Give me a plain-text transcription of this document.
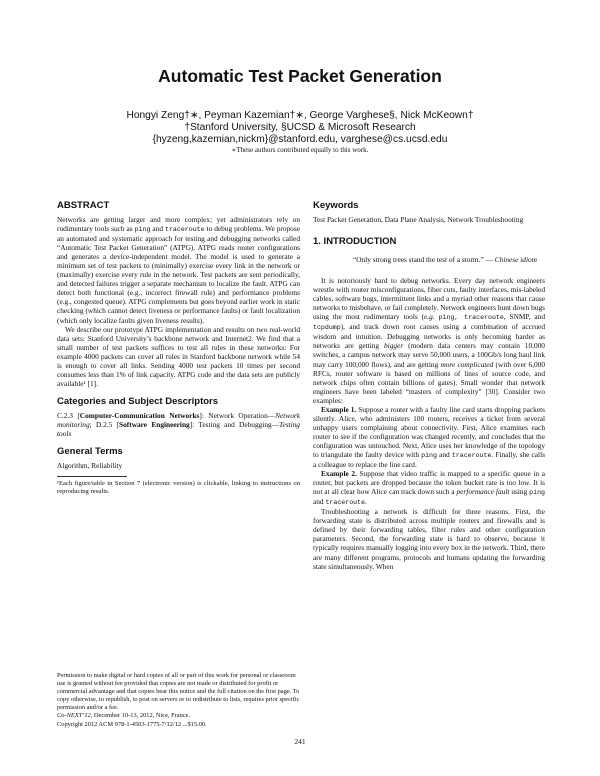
Automatic Test Packet Generation
Hongyi Zeng†∗, Peyman Kazemian†∗, George Varghese§, Nick McKeown†
†Stanford University, §UCSD & Microsoft Research
{hyzeng,kazemian,nickm}@stanford.edu, varghese@cs.ucsd.edu
∗These authors contributed equally to this work.
ABSTRACT

Networks are getting larger and more complex; yet administrators rely on rudimentary tools such as ping and traceroute to debug problems. We propose an automated and systematic approach for testing and debugging networks called “Automatic Test Packet Generation” (ATPG). ATPG reads router configurations and generates a device-independent model. The model is used to generate a minimum set of test packets to (minimally) exercise every link in the network or (maximally) exercise every rule in the network. Test packets are sent periodically, and detected failures trigger a separate mechanism to localize the fault. ATPG can detect both functional (e.g., incorrect firewall rule) and performance problems (e.g., congested queue). ATPG complements but goes beyond earlier work in static checking (which cannot detect liveness or performance faults) or fault localization (which only localize faults given liveness results).

We describe our prototype ATPG implementation and results on two real-world data sets: Stanford University’s backbone network and Internet2. We find that a small number of test packets suffices to test all rules in these networks: For example 4000 packets can cover all rules in Stanford backbone network while 54 is enough to cover all links. Sending 4000 test packets 10 times per second consumes less than 1% of link capacity. ATPG code and the data sets are publicly available¹ [1].

Categories and Subject Descriptors

C.2.3 [Computer-Communication Networks]: Network Operation—Network monitoring; D.2.5 [Software Engineering]: Testing and Debugging—Testing tools

General Terms

Algorithm, Reliability

¹Each figure/table in Section 7 (electronic version) is clickable, linking to instructions on reproducing results.

Permission to make digital or hard copies of all or part of this work for personal or classroom use is granted without fee provided that copies are not made or distributed for profit or commercial advantage and that copies bear this notice and the full citation on the first page. To copy otherwise, to republish, to post on servers or to redistribute to lists, requires prior specific permission and/or a fee.

Co-NEXT’12, December 10-13, 2012, Nice, France.

Copyright 2012 ACM 978-1-4503-1775-7/12/12 ...$15.00.

Keywords

Test Packet Generation, Data Plane Analysis, Network Troubleshooting

1. INTRODUCTION

“Only strong trees stand the test of a storm.” — Chinese idiom

It is notoriously hard to debug networks. Every day network engineers wrestle with router misconfigurations, fiber cuts, faulty interfaces, mis-labeled cables, software bugs, intermittent links and a myriad other reasons that cause networks to misbehave, or fail completely. Network engineers hunt down bugs using the most rudimentary tools (e.g. ping, traceroute, SNMP, and tcpdump), and track down root causes using a combination of accrued wisdom and intuition. Debugging networks is only becoming harder as networks are getting bigger (modern data centers may contain 10,000 switches, a campus network may serve 50,000 users, a 100Gb/s long haul link may carry 100,000 flows), and are getting more complicated (with over 6,000 RFCs, router software is based on millions of lines of source code, and network chips often contain billions of gates). Small wonder that network engineers have been labeled “masters of complexity” [30]. Consider two examples:

Example 1. Suppose a router with a faulty line card starts dropping packets silently. Alice, who administers 100 routers, receives a ticket from several unhappy users complaining about connectivity. First, Alice examines each router to see if the configuration was changed recently, and concludes that the configuration was untouched. Next, Alice uses her knowledge of the topology to triangulate the faulty device with ping and traceroute. Finally, she calls a colleague to replace the line card.

Example 2. Suppose that video traffic is mapped to a specific queue in a router, but packets are dropped because the token bucket rate is too low. It is not at all clear how Alice can track down such a performance fault using ping and traceroute.

Troubleshooting a network is difficult for three reasons. First, the forwarding state is distributed across multiple routers and firewalls and is defined by their forwarding tables, filter rules and other configuration parameters. Second, the forwarding state is hard to observe, because it typically requires manually logging into every box in the network. Third, there are many different programs, protocols and humans updating the forwarding state simultaneously. When

241
